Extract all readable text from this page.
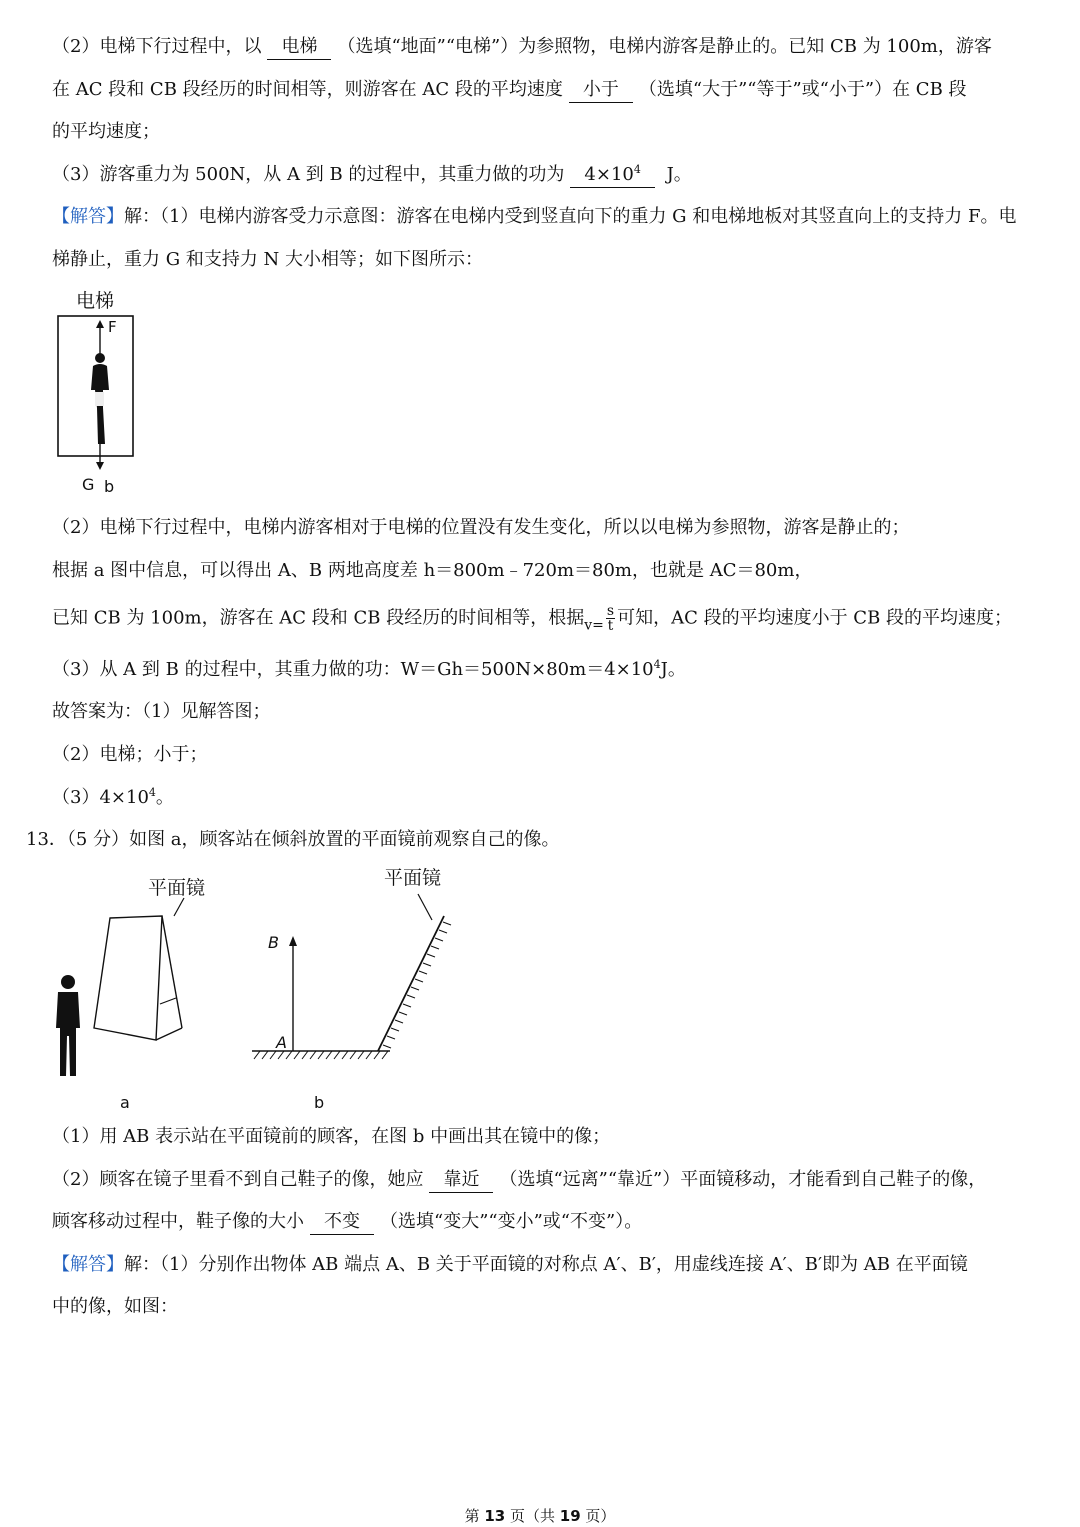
（2）电梯下行过程中，以 电梯 （选填“地面”“电梯”）为参照物，电梯内游客是静止的。已知 CB 为 100m，游客
在 AC 段和 CB 段经历的时间相等，则游客在 AC 段的平均速度 小于 （选填“大于”“等于”或“小于”）在 CB 段
的平均速度；
（3）游客重力为 500N，从 A 到 B 的过程中，其重力做的功为 $4\times 10^4$ J。
【解答】解：（1）电梯内游客受力示意图：游客在电梯内受到竖直向下的重力 G 和电梯地板对其竖直向上的支持力 F。电
梯静止，重力 G 和支持力 N 大小相等；如下图所示：
电梯
F
G b
（2）电梯下行过程中，电梯内游客相对于电梯的位置没有发生变化，所以以电梯为参照物，游客是静止的；
根据 a 图中信息，可以得出 A、B 两地高度差 h＝800m﹣720m＝80m，也就是 AC＝80m，
已知 CB 为 100m，游客在 AC 段和 CB 段经历的时间相等，根据$_{v=} \frac{s}{t}$ 可知，AC 段的平均速度小于 CB 段的平均速度；
（3）从 A 到 B 的过程中，其重力做的功：$W=Gh=500N\times 80m=4\times 10^4J$。
故答案为：（1）见解答图；
（2）电梯；小于；
$(3)4\times 10^4$。
13．（5 分）如图 a，顾客站在倾斜放置的平面镜前观察自己的像。
平面镜
a
平面镜
B
A
b
（1）用 AB 表示站在平面镜前的顾客，在图 b 中画出其在镜中的像；
（2）顾客在镜子里看不到自己鞋子的像，她应 靠近 （选填“远离”“靠近”）平面镜移动，才能看到自己鞋子的像，
顾客移动过程中，鞋子像的大小 不变 （选填“变大”“变小”或“不变”）。
【解答】解：（1）分别作出物体 AB 端点 A、B 关于平面镜的对称点 A′、B′，用虚线连接 A′、B′即为 AB 在平面镜
中的像，如图：
第 13 页（共 19 页）
